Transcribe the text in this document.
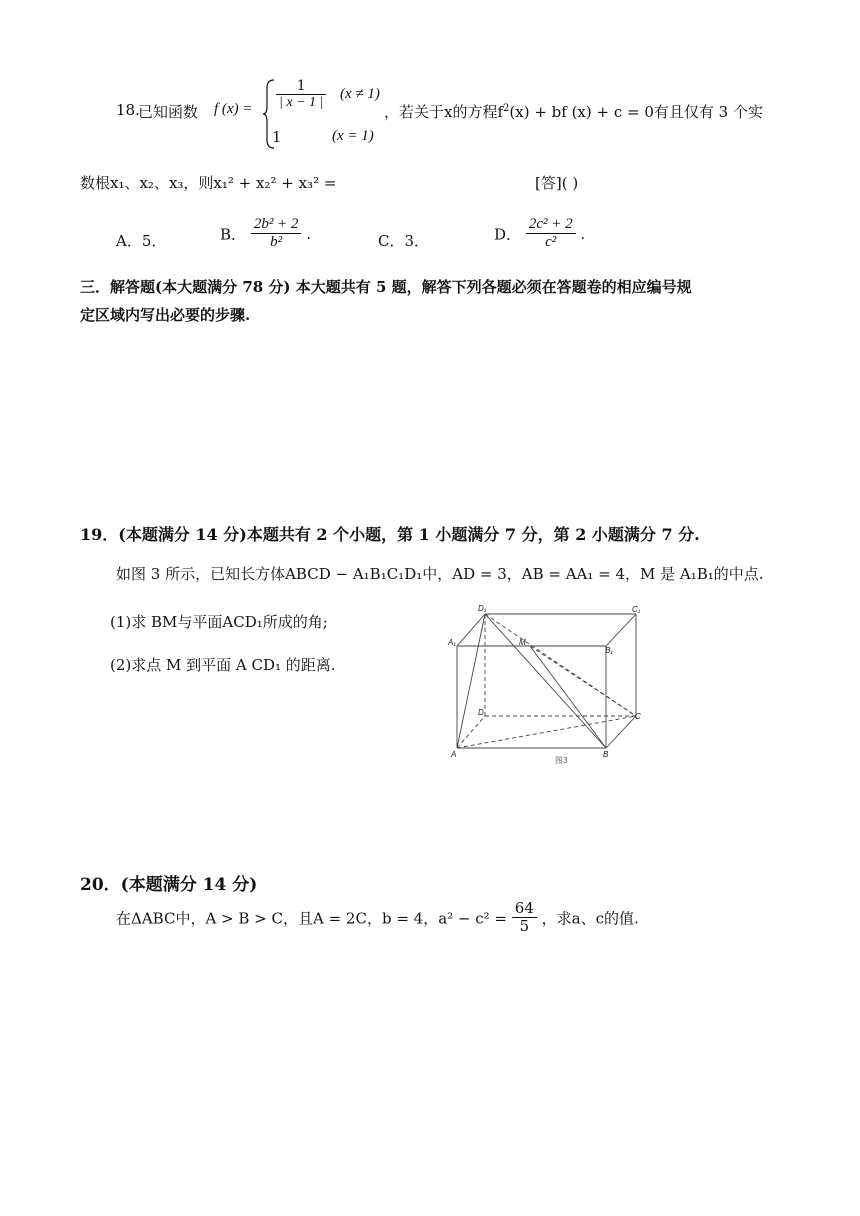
18.
已知函数 f $(x) = \frac{1}{| x - 1 |} (x \ne 1)$
1	(x = 1)
，若关于x的方程$f^2(x)$ + bf (x) + c = 0有且仅有 3 个实
数根x₁、x₂、x₃，则x₁² + x₂² + x₃² =	[答]( )
A．5．	B． $\frac{\text{2b² + 2}}{\text{b²}}$ .	C．3．	D． $\frac{\text{2c² + 2}}{\text{c²}}$ .
三．解答题(本大题满分 78 分) 本大题共有 5 题，解答下列各题必须在答题卷的相应编号规
定区域内写出必要的步骤.
19．(本题满分 14 分)本题共有 2 个小题，第 1 小题满分 7 分，第 2 小题满分 7 分.
如图 3 所示，已知长方体ABCD − A₁B₁C₁D₁中，AD = 3，AB = AA₁ = 4，M 是 A₁B₁的中点.
(1)求 BM与平面ACD₁所成的角;
(2)求点 M 到平面 A CD₁ 的距离.
D₁	C₁
A₁	M
B₁
D	C
A	B
图3
20．(本题满分 14 分)
在ΔABC中，A > B > C，且A = 2C，b = 4，$a^2 - c^2 = \frac{64}{5}$ ，求a、c的值.
